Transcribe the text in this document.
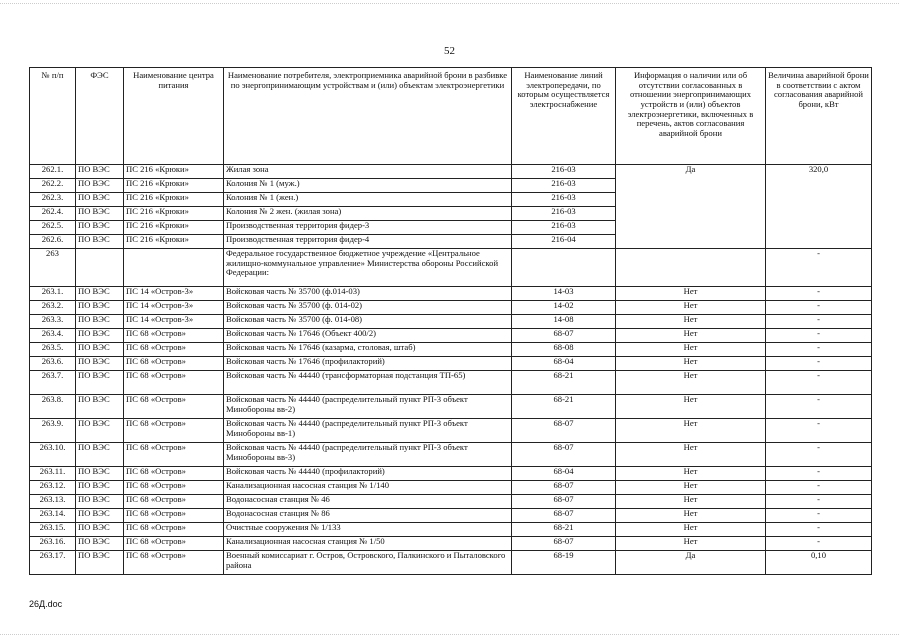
52
№ п/п	ФЭС	Наименование центра питания	Наименование потребителя, электроприемника аварийной брони в разбивке по энергопринимающим устройствам и (или) объектам электроэнергетики	Наименование линий электропередачи, по которым осуществляется электроснабжение	Информация о наличии или об отсутствии согласованных в отношении энергопринимающих устройств и (или) объектов электроэнергетики, включенных в перечень, актов согласования аварийной брони	Величина аварийной брони в соответствии с актом согласования аварийной брони, кВт
262.1.	ПО ВЭС	ПС 216 «Крюки»	Жилая зона	216-03	Да	320,0
262.2.	ПО ВЭС	ПС 216 «Крюки»	Колония № 1 (муж.)	216-03		
262.3.	ПО ВЭС	ПС 216 «Крюки»	Колония № 1 (жен.)	216-03		
262.4.	ПО ВЭС	ПС 216 «Крюки»	Колония № 2 жен. (жилая зона)	216-03		
262.5.	ПО ВЭС	ПС 216 «Крюки»	Производственная территория фидер-3	216-03		
262.6.	ПО ВЭС	ПС 216 «Крюки»	Производственная территория фидер-4	216-04		
263			Федеральное государственное бюджетное учреждение «Центральное жилищно-коммунальное управление» Министерства обороны Российской Федерации:			-
263.1.	ПО ВЭС	ПС 14 «Остров-3»	Войсковая часть № 35700 (ф.014-03)	14-03	Нет	-
263.2.	ПО ВЭС	ПС 14 «Остров-3»	Войсковая часть № 35700 (ф. 014-02)	14-02	Нет	-
263.3.	ПО ВЭС	ПС 14 «Остров-3»	Войсковая часть № 35700 (ф. 014-08)	14-08	Нет	-
263.4.	ПО ВЭС	ПС 68 «Остров»	Войсковая часть № 17646 (Объект 400/2)	68-07	Нет	-
263.5.	ПО ВЭС	ПС 68 «Остров»	Войсковая часть № 17646 (казарма, столовая, штаб)	68-08	Нет	-
263.6.	ПО ВЭС	ПС 68 «Остров»	Войсковая часть № 17646 (профилакторий)	68-04	Нет	-
263.7.	ПО ВЭС	ПС 68 «Остров»	Войсковая часть № 44440 (трансформаторная подстанция ТП-65)	68-21	Нет	-
263.8.	ПО ВЭС	ПС 68 «Остров»	Войсковая часть № 44440 (распределительный пункт РП-3 объект Минобороны вв-2)	68-21	Нет	-
263.9.	ПО ВЭС	ПС 68 «Остров»	Войсковая часть № 44440 (распределительный пункт РП-3 объект Минобороны вв-1)	68-07	Нет	-
263.10.	ПО ВЭС	ПС 68 «Остров»	Войсковая часть № 44440 (распределительный пункт РП-3 объект Минобороны вв-3)	68-07	Нет	-
263.11.	ПО ВЭС	ПС 68 «Остров»	Войсковая часть № 44440 (профилакторий)	68-04	Нет	-
263.12.	ПО ВЭС	ПС 68 «Остров»	Канализационная насосная станция № 1/140	68-07	Нет	-
263.13.	ПО ВЭС	ПС 68 «Остров»	Водонасосная станция № 46	68-07	Нет	-
263.14.	ПО ВЭС	ПС 68 «Остров»	Водонасосная станция № 86	68-07	Нет	-
263.15.	ПО ВЭС	ПС 68 «Остров»	Очистные сооружения № 1/133	68-21	Нет	-
263.16.	ПО ВЭС	ПС 68 «Остров»	Канализационная насосная станция № 1/50	68-07	Нет	-
263.17.	ПО ВЭС	ПС 68 «Остров»	Военный комиссариат г. Остров, Островского, Палкинского и Пыталовского района	68-19	Да	0,10
26Д.doc
